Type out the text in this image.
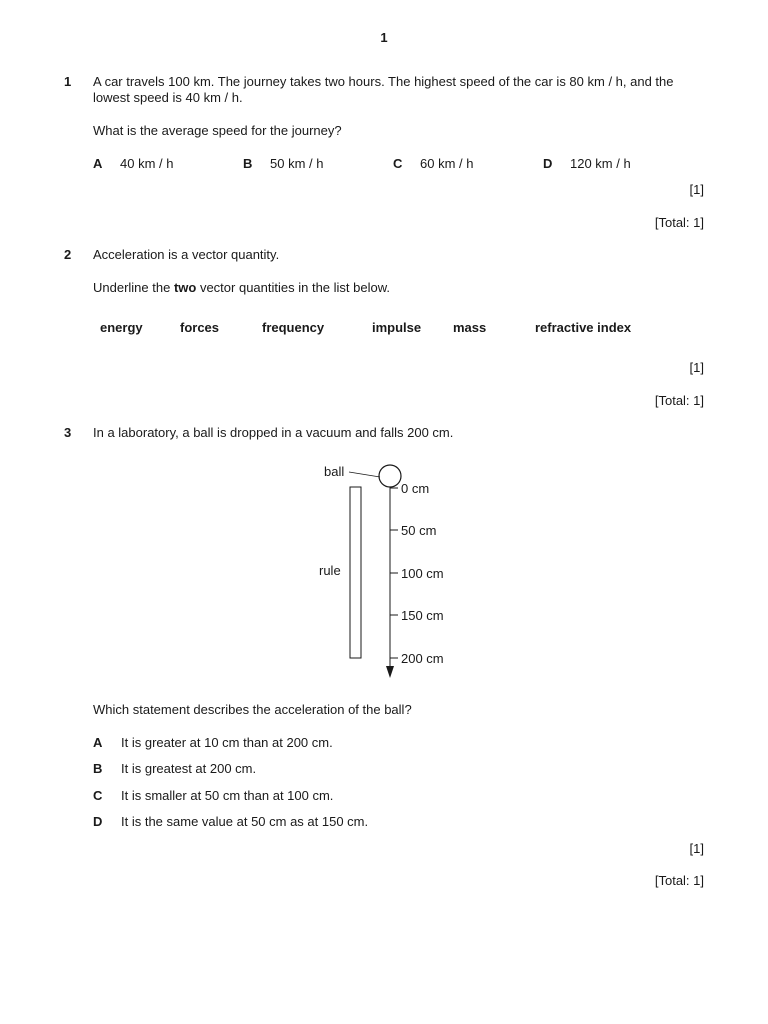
1
1 A car travels 100 km. The journey takes two hours. The highest speed of the car is 80 km / h, and the lowest speed is 40 km / h.
What is the average speed for the journey?
A 40 km / h	B 50 km / h	C 60 km / h	D 120 km / h
[1]
[Total: 1]
2 Acceleration is a vector quantity.
Underline the two vector quantities in the list below.
energy	forces	frequency	impulse mass	refractive index
[1]
[Total: 1]
3 In a laboratory, a ball is dropped in a vacuum and falls 200 cm.
ball
rule
0 cm
50 cm
100 cm
150 cm
200 cm
Which statement describes the acceleration of the ball?
A It is greater at 10 cm than at 200 cm.
B It is greatest at 200 cm.
C It is smaller at 50 cm than at 100 cm.
D It is the same value at 50 cm as at 150 cm.
[1]
[Total: 1]
